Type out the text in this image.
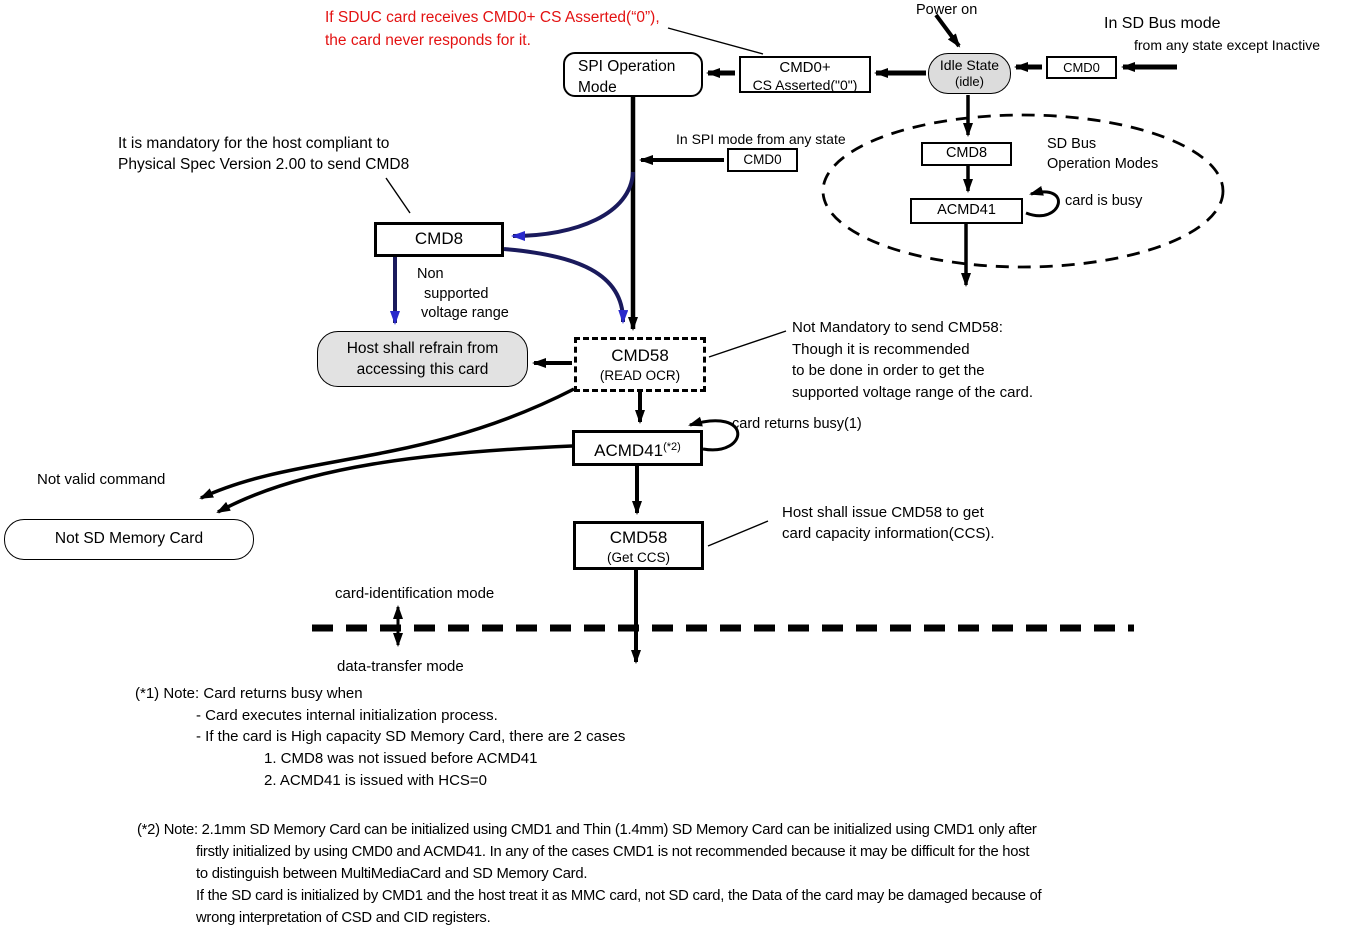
If SDUC card receives CMD0+ CS Asserted(“0”),
the card never responds for it.
Power on
In SD Bus mode
from any state except Inactive
In SPI mode from any state
It is mandatory for the host compliant to
Physical Spec Version 2.00 to send CMD8
SD Bus
Operation Modes
card is busy
Non
supported
voltage range
Not Mandatory to send CMD58:
Though it is recommended
to be done in order to get the
supported voltage range of the card.
card returns busy(1)
Not valid command
Host shall issue CMD58 to get
card capacity information(CCS).
card-identification mode
data-transfer mode
SPI Operation
Mode
CMD0+
CS Asserted("0")
Idle State
(idle)
CMD0
CMD0	CMD8
ACMD41
CMD8
Host shall refrain from
accessing this card
CMD58
(READ OCR)
$ACMD41^{(*2)}$
Not SD Memory Card	CMD58
(Get CCS)
(*1) Note: Card returns busy when
- Card executes internal initialization process.
- If the card is High capacity SD Memory Card, there are 2 cases
1. CMD8 was not issued before ACMD41
2. ACMD41 is issued with HCS=0
(*2) Note: 2.1mm SD Memory Card can be initialized using CMD1 and Thin (1.4mm) SD Memory Card can be initialized using CMD1 only after
firstly initialized by using CMD0 and ACMD41. In any of the cases CMD1 is not recommended because it may be difficult for the host
to distinguish between MultiMediaCard and SD Memory Card.
If the SD card is initialized by CMD1 and the host treat it as MMC card, not SD card, the Data of the card may be damaged because of
wrong interpretation of CSD and CID registers.
